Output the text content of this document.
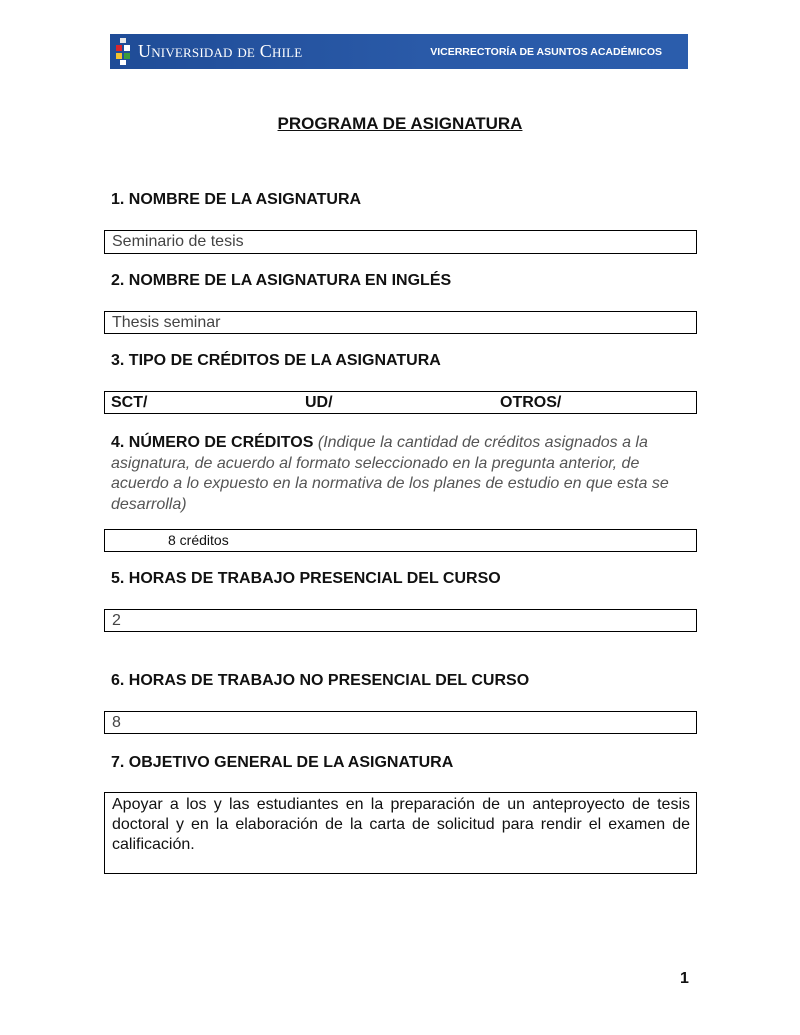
Universidad de Chile	VICERRECTORÍA DE ASUNTOS ACADÉMICOS
PROGRAMA DE ASIGNATURA
1. NOMBRE DE LA ASIGNATURA
Seminario de tesis
2. NOMBRE DE LA ASIGNATURA EN INGLÉS
Thesis seminar
3. TIPO DE CRÉDITOS DE LA ASIGNATURA
SCT/	UD/	OTROS/
4. NÚMERO DE CRÉDITOS (Indique la cantidad de créditos asignados a la asignatura, de acuerdo al formato seleccionado en la pregunta anterior, de acuerdo a lo expuesto en la normativa de los planes de estudio en que esta se desarrolla)
8 créditos
5. HORAS DE TRABAJO PRESENCIAL DEL CURSO
2
6. HORAS DE TRABAJO NO PRESENCIAL DEL CURSO
8
7. OBJETIVO GENERAL DE LA ASIGNATURA
Apoyar a los y las estudiantes en la preparación de un anteproyecto de tesis doctoral y en la elaboración de la carta de solicitud para rendir el examen de calificación.
1
